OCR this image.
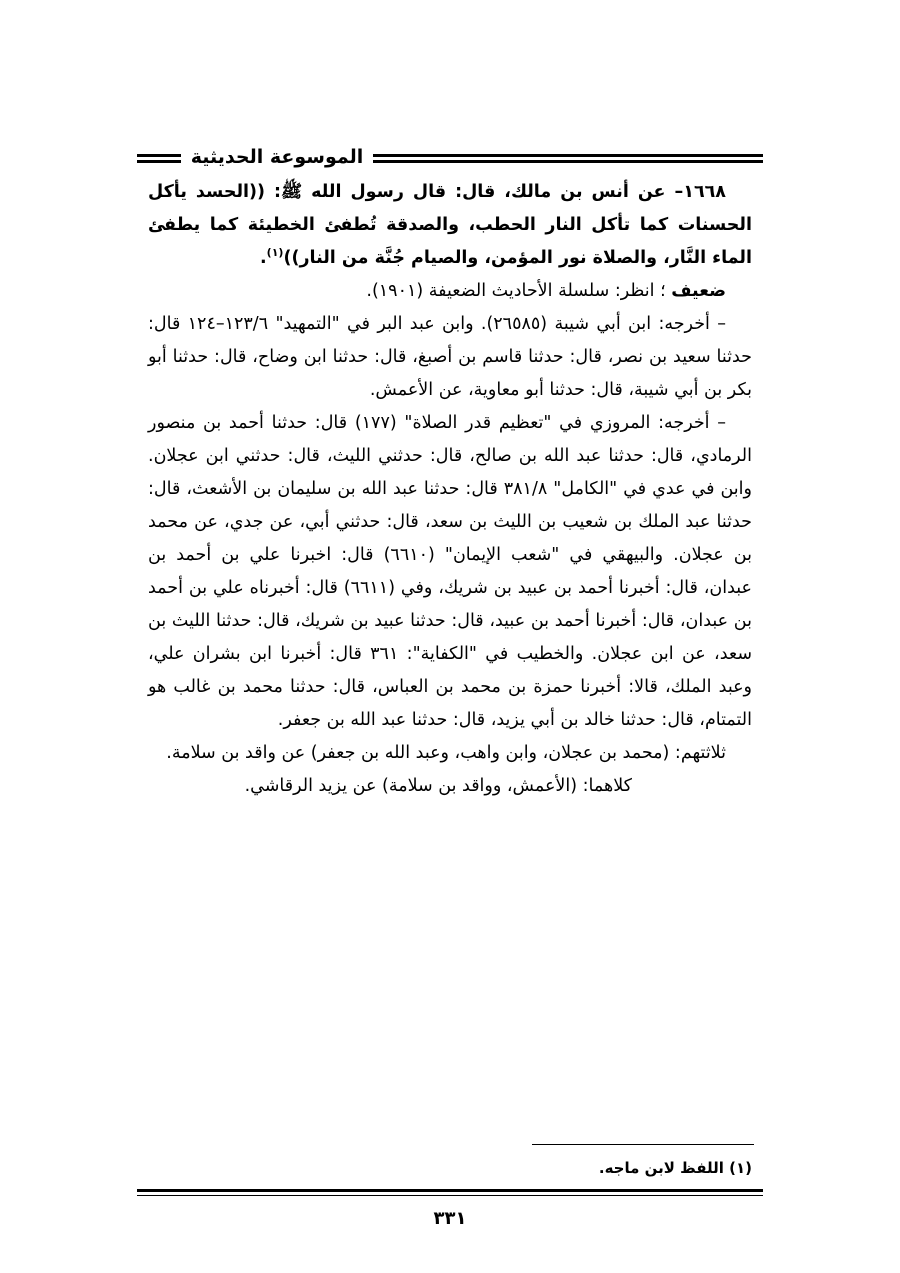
الموسوعة الحديثية

١٦٦٨– عن أنس بن مالك، قال: قال رسول الله ﷺ: ((الحسد يأكل الحسنات كما تأكل النار الحطب، والصدقة تُطفئ الخطيئة كما يطفئ الماء النَّار، والصلاة نور المؤمن، والصيام جُنَّة من النار))$^{(١)}$.

ضعيف ؛ انظر: سلسلة الأحاديث الضعيفة (١٩٠١).

– أخرجه: ابن أبي شيبة (٢٦٥٨٥). وابن عبد البر في "التمهيد" ١٢٣/٦–١٢٤ قال: حدثنا سعيد بن نصر، قال: حدثنا قاسم بن أصبغ، قال: حدثنا ابن وضاح، قال: حدثنا أبو بكر بن أبي شيبة، قال: حدثنا أبو معاوية، عن الأعمش.

– أخرجه: المروزي في "تعظيم قدر الصلاة" (١٧٧) قال: حدثنا أحمد بن منصور الرمادي، قال: حدثنا عبد الله بن صالح، قال: حدثني الليث، قال: حدثني ابن عجلان. وابن في عدي في "الكامل" ٣٨١/٨ قال: حدثنا عبد الله بن سليمان بن الأشعث، قال: حدثنا عبد الملك بن شعيب بن الليث بن سعد، قال: حدثني أبي، عن جدي، عن محمد بن عجلان. والبيهقي في "شعب الإيمان" (٦٦١٠) قال: اخبرنا علي بن أحمد بن عبدان، قال: أخبرنا أحمد بن عبيد بن شريك، وفي (٦٦١١) قال: أخبرناه علي بن أحمد بن عبدان، قال: أخبرنا أحمد بن عبيد، قال: حدثنا عبيد بن شريك، قال: حدثنا الليث بن سعد، عن ابن عجلان. والخطيب في "الكفاية": ٣٦١ قال: أخبرنا ابن بشران علي، وعبد الملك، قالا: أخبرنا حمزة بن محمد بن العباس، قال: حدثنا محمد بن غالب هو التمتام، قال: حدثنا خالد بن أبي يزيد، قال: حدثنا عبد الله بن جعفر.

ثلاثتهم: (محمد بن عجلان، وابن واهب، وعبد الله بن جعفر) عن واقد بن سلامة.

كلاهما: (الأعمش، وواقد بن سلامة) عن يزيد الرقاشي.

(١) اللفظ لابن ماجه.
٣٣١
